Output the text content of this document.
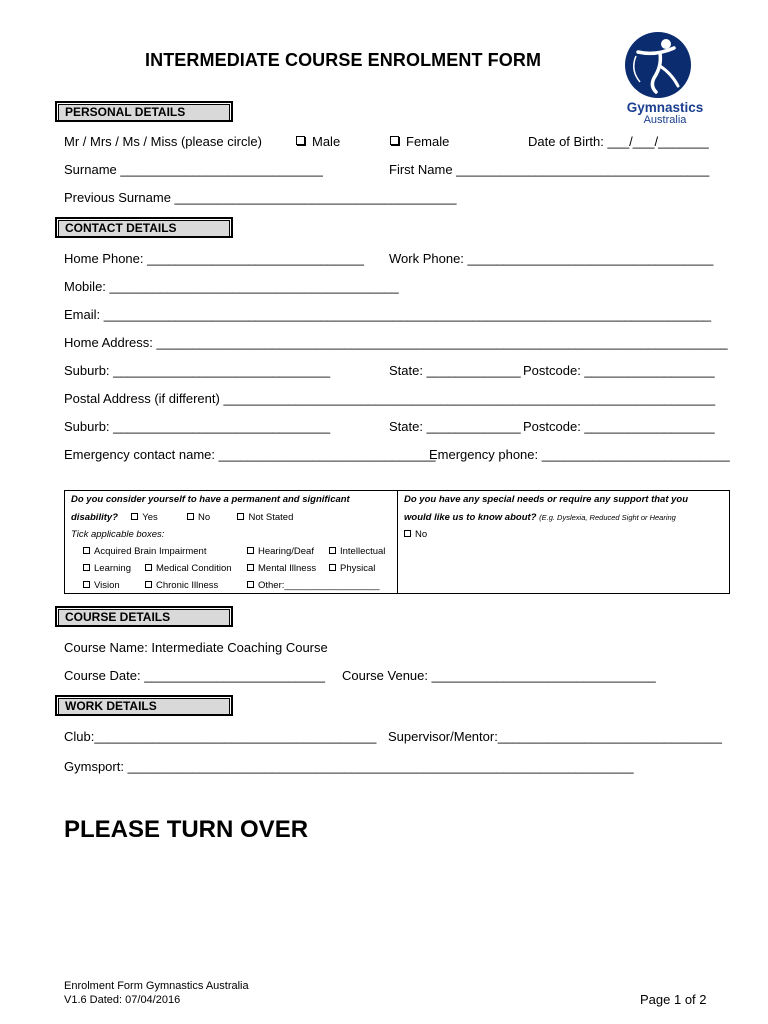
INTERMEDIATE COURSE ENROLMENT FORM
Gymnastics
Australia
PERSONAL DETAILS
Mr / Mrs / Ms / Miss (please circle)	Male	Female	Date of Birth: ___/___/_______
Surname ____________________________	First Name ___________________________________
Previous Surname _______________________________________
CONTACT DETAILS
Home Phone: ______________________________ Work Phone: __________________________________
Mobile: ________________________________________
Email: ____________________________________________________________________________________
Home Address: _______________________________________________________________________________
Suburb: ______________________________	State: _____________ Postcode: __________________
Postal Address (if different) ____________________________________________________________________
Suburb: ______________________________	State: _____________ Postcode: __________________
Emergency contact name: ______________________________
Emergency phone: __________________________
Do you consider yourself to have a permanent and significant
disability?	Yes	No	Not Stated
Tick applicable boxes:
Acquired Brain Impairment	Hearing/Deaf	Intellectual
Learning	Medical Condition	Mental Illness	Physical
Vision	Chronic Illness	Other:__________________
Do you have any special needs or require any support that you
would like us to know about? (E.g. Dyslexia, Reduced Sight or Hearing
No
COURSE DETAILS
Course Name: Intermediate Coaching Course
Course Date: _________________________ Course Venue: _______________________________
WORK DETAILS
Club:_______________________________________ Supervisor/Mentor:_______________________________
Gymsport: ______________________________________________________________________
PLEASE TURN OVER
Enrolment Form Gymnastics Australia
V1.6 Dated: 07/04/2016	Page 1 of 2
